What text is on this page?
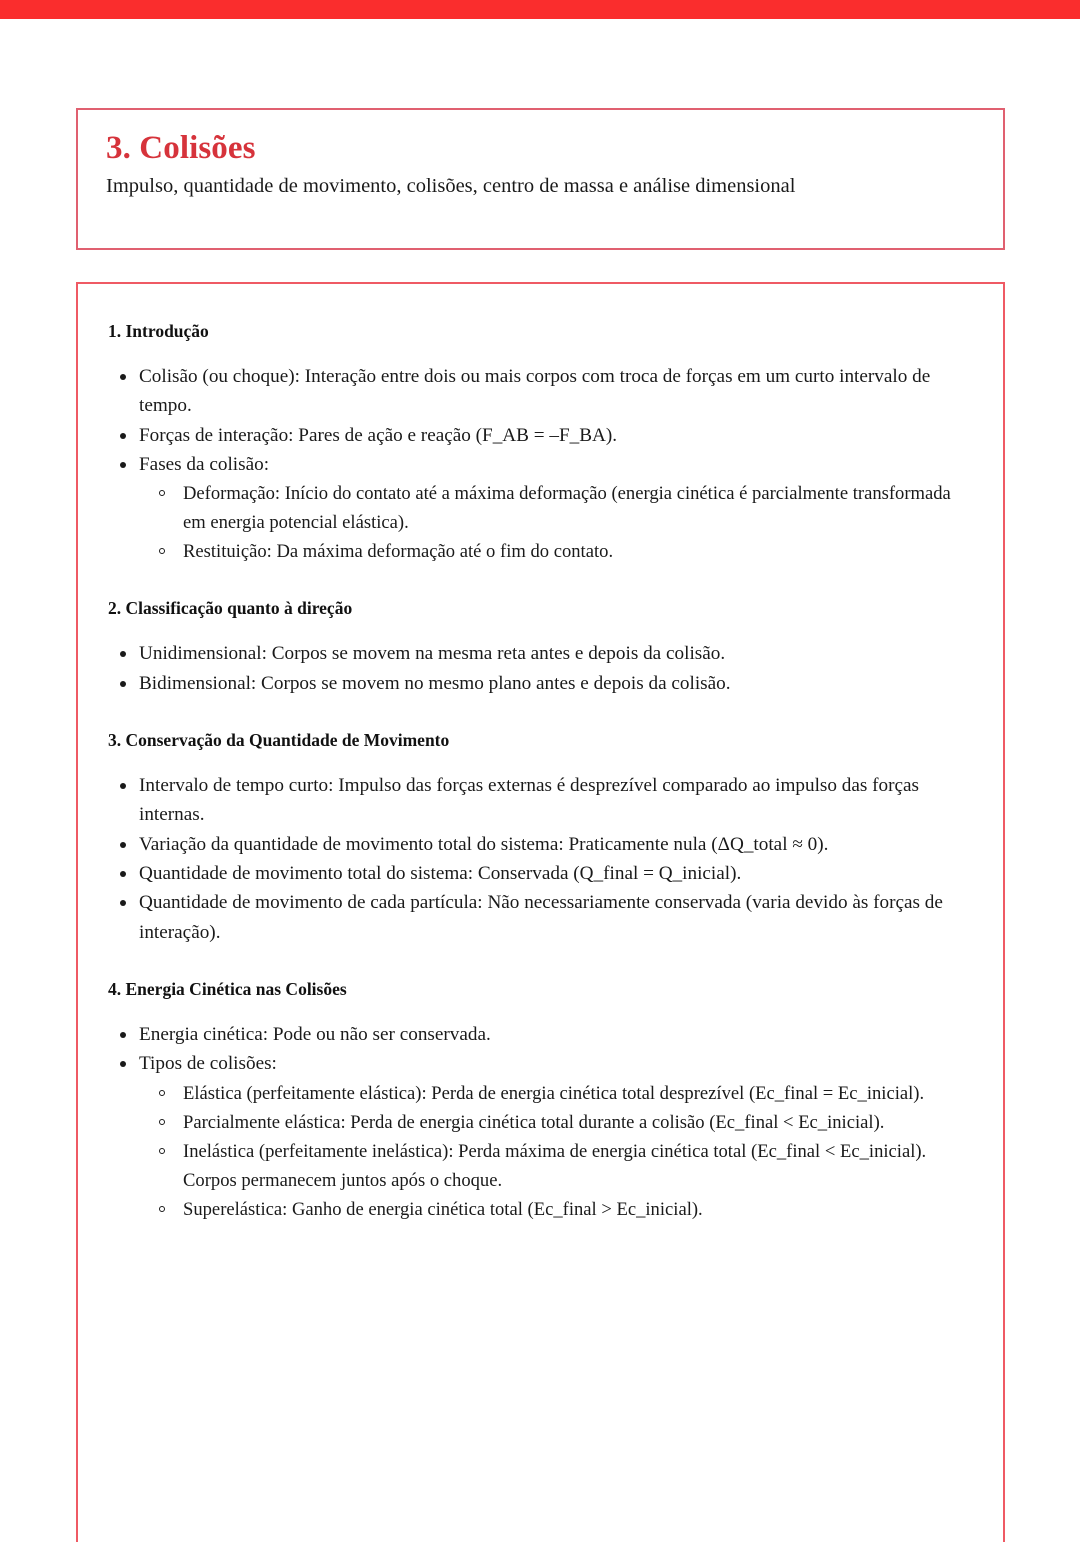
3. Colisões
Impulso, quantidade de movimento, colisões, centro de massa e análise dimensional
1. Introdução
Colisão (ou choque): Interação entre dois ou mais corpos com troca de forças em um curto intervalo de tempo.
Forças de interação: Pares de ação e reação (F_AB = –F_BA).
Fases da colisão:
Deformação: Início do contato até a máxima deformação (energia cinética é parcialmente transformada em energia potencial elástica).
Restituição: Da máxima deformação até o fim do contato.
2. Classificação quanto à direção
Unidimensional: Corpos se movem na mesma reta antes e depois da colisão.
Bidimensional: Corpos se movem no mesmo plano antes e depois da colisão.
3. Conservação da Quantidade de Movimento
Intervalo de tempo curto: Impulso das forças externas é desprezível comparado ao impulso das forças internas.
Variação da quantidade de movimento total do sistema: Praticamente nula (ΔQ_total ≈ 0).
Quantidade de movimento total do sistema: Conservada (Q_final = Q_inicial).
Quantidade de movimento de cada partícula: Não necessariamente conservada (varia devido às forças de interação).
4. Energia Cinética nas Colisões
Energia cinética: Pode ou não ser conservada.
Tipos de colisões:
Elástica (perfeitamente elástica): Perda de energia cinética total desprezível (Ec_final = Ec_inicial).
Parcialmente elástica: Perda de energia cinética total durante a colisão (Ec_final < Ec_inicial).
Inelástica (perfeitamente inelástica): Perda máxima de energia cinética total (Ec_final < Ec_inicial). Corpos permanecem juntos após o choque.
Superelástica: Ganho de energia cinética total (Ec_final > Ec_inicial).
